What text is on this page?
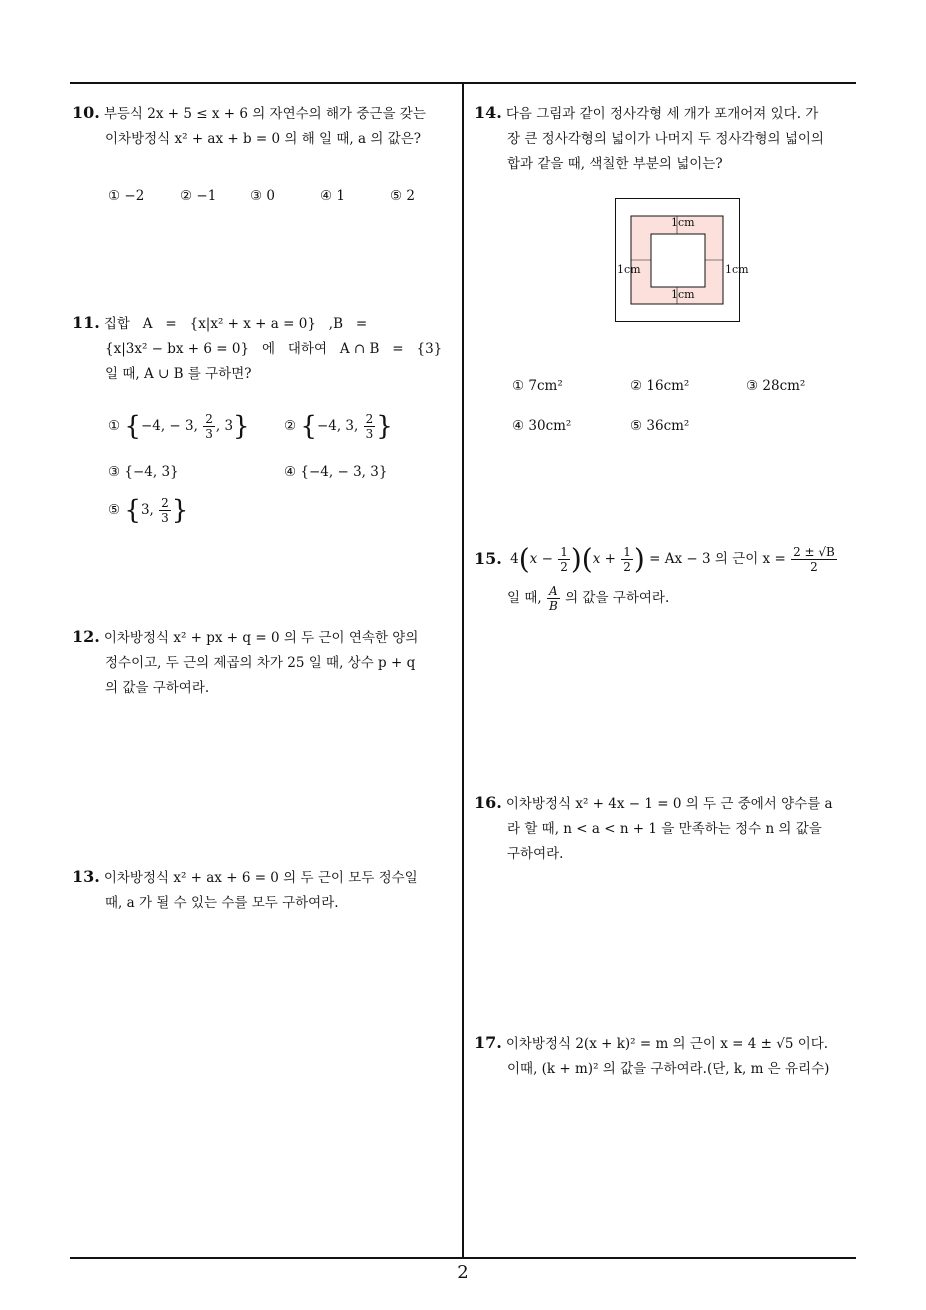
10. 부등식 2x + 5 ≤ x + 6 의 자연수의 해가 중근을 갖는
이차방정식 x² + ax + b = 0 의 해 일 때, a 의 값은?
① −2	② −1 ③ 0	④ 1	⑤ 2
11. 집합   A   =   {x|x² + x + a = 0}   ,B   =
{x|3x² − bx + 6 = 0}   에   대하여   A ∩ B   =   {3}
일 때, A ∪ B 를 구하면?
① {−4, − 3, $\frac{2}{3}$ , 3}	② {−4, 3, $\frac{2}{3}$ }
③ {−4, 3}	④ {−4, − 3, 3}
⑤ {3, $\frac{2}{3}$ }
12. 이차방정식 x² + px + q = 0 의 두 근이 연속한 양의
정수이고, 두 근의 제곱의 차가 25 일 때, 상수 p + q
의 값을 구하여라.
13. 이차방정식 x² + ax + 6 = 0 의 두 근이 모두 정수일
때, a 가 될 수 있는 수를 모두 구하여라.
14. 다음 그림과 같이 정사각형 세 개가 포개어져 있다. 가
장 큰 정사각형의 넓이가 나머지 두 정사각형의 넓이의
합과 같을 때, 색칠한 부분의 넓이는?
1cm
1cm
1cm	1cm
① 7cm²	② 16cm²	③ 28cm²
④ 30cm²	⑤ 36cm²
15. $4(x - \frac{1}{2} )(x + \frac{1}{2}$ ) = Ax − 3 의 근이 $x = \frac{2 \pm √B}{2}$
일 때, $\frac{A}{B}$ 의 값을 구하여라.
16. 이차방정식 x² + 4x − 1 = 0 의 두 근 중에서 양수를 a
라 할 때, n < a < n + 1 을 만족하는 정수 n 의 값을
구하여라.
17. 이차방정식 2(x + k)² = m 의 근이 x = 4 ± √5 이다.
이때, (k + m)² 의 값을 구하여라.(단, k, m 은 유리수)
2
